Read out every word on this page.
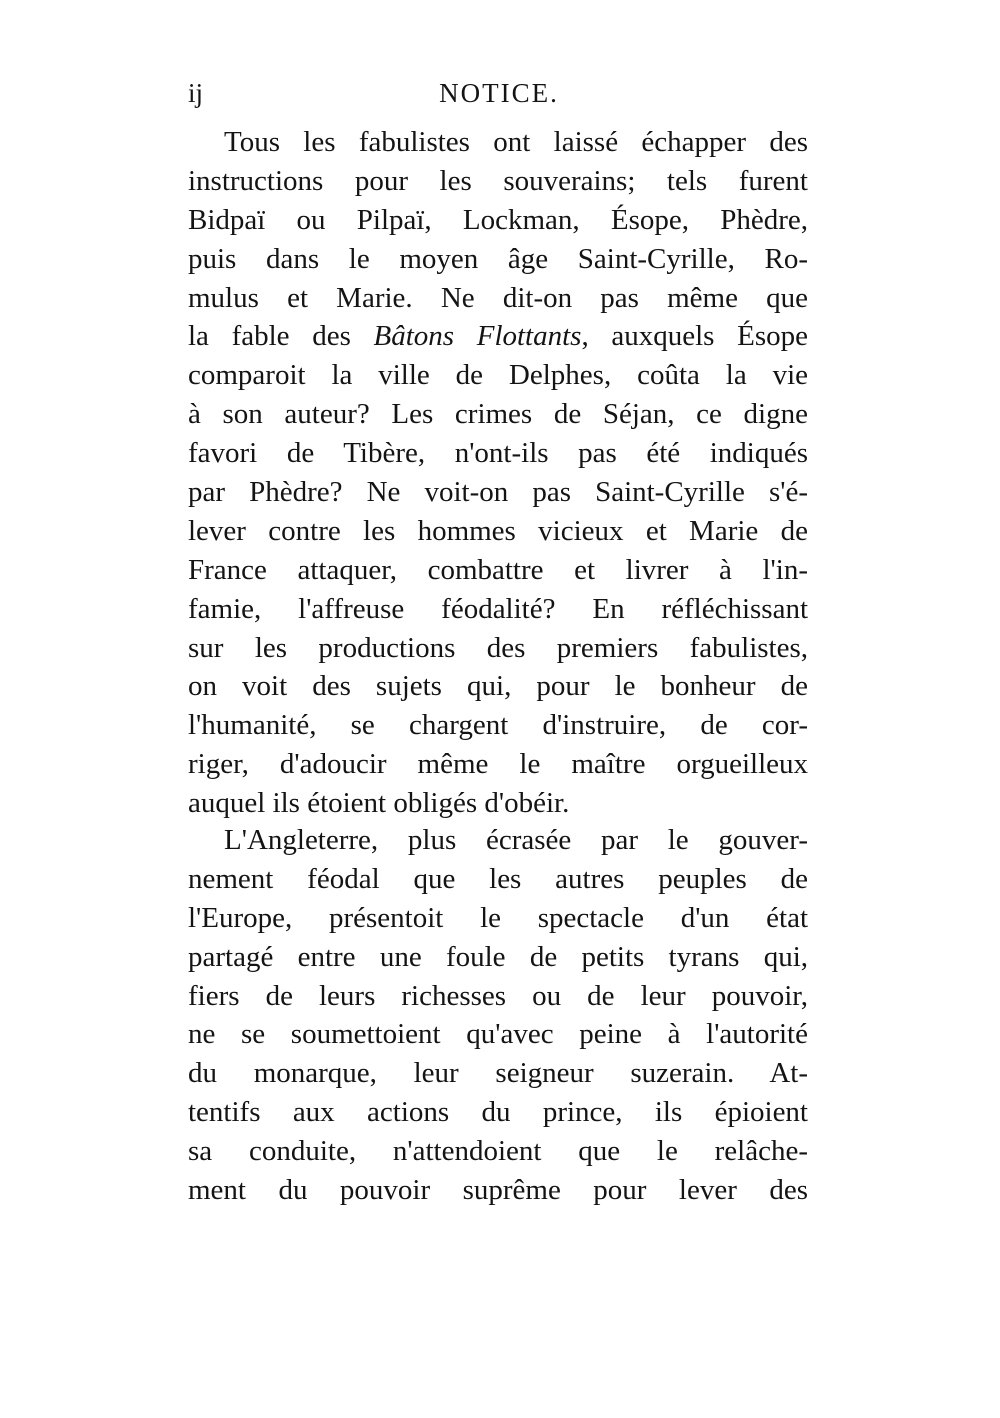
ij	NOTICE.
Tous les fabulistes ont laissé échapper des
instructions pour les souverains; tels furent
Bidpaï ou Pilpaï, Lockman, Ésope, Phèdre,
puis dans le moyen âge Saint-Cyrille, Ro-
mulus et Marie. Ne dit-on pas même que
la fable des Bâtons Flottants, auxquels Ésope
comparoit la ville de Delphes, coûta la vie
à son auteur? Les crimes de Séjan, ce digne
favori de Tibère, n'ont-ils pas été indiqués
par Phèdre? Ne voit-on pas Saint-Cyrille s'é-
lever contre les hommes vicieux et Marie de
France attaquer, combattre et livrer à l'in-
famie, l'affreuse féodalité? En réfléchissant
sur les productions des premiers fabulistes,
on voit des sujets qui, pour le bonheur de
l'humanité, se chargent d'instruire, de cor-
riger, d'adoucir même le maître orgueilleux
auquel ils étoient obligés d'obéir.
L'Angleterre, plus écrasée par le gouver-
nement féodal que les autres peuples de
l'Europe, présentoit le spectacle d'un état
partagé entre une foule de petits tyrans qui,
fiers de leurs richesses ou de leur pouvoir,
ne se soumettoient qu'avec peine à l'autorité
du monarque, leur seigneur suzerain. At-
tentifs aux actions du prince, ils épioient
sa conduite, n'attendoient que le relâche-
ment du pouvoir suprême pour lever des
